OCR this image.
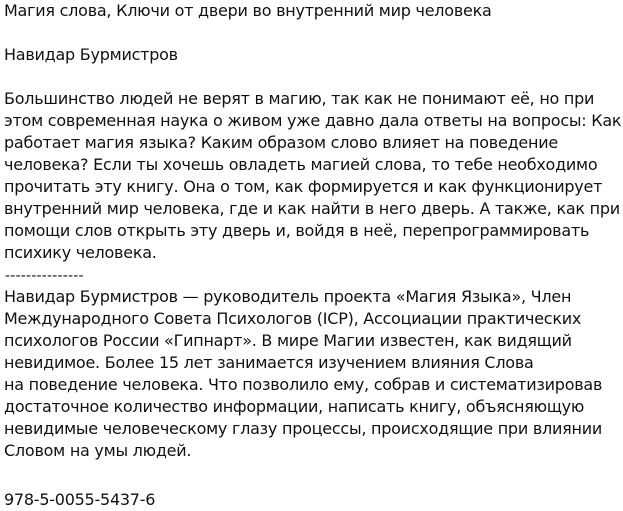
Магия слова, Ключи от двери во внутренний мир человека
Навидар Бурмистров
Большинство людей не верят в магию, так как не понимают её, но при
этом современная наука о живом уже давно дала ответы на вопросы: Как
работает магия языка? Каким образом слово влияет на поведение
человека? Если ты хочешь овладеть магией слова, то тебе необходимо
прочитать эту книгу. Она о том, как формируется и как функционирует
внутренний мир человека, где и как найти в него дверь. А также, как при
помощи слов открыть эту дверь и, войдя в неё, перепрограммировать
психику человека.
---------------
Навидар Бурмистров — руководитель проекта «Магия Языка», Член
Международного Совета Психологов (ICP), Ассоциации практических
психологов России «Гипнарт». В мире Магии известен, как видящий
невидимое. Более 15 лет занимается изучением влияния Слова
на поведение человека. Что позволило ему, собрав и систематизировав
достаточное количество информации, написать книгу, объясняющую
невидимые человеческому глазу процессы, происходящие при влиянии
Словом на умы людей.
978-5-0055-5437-6
